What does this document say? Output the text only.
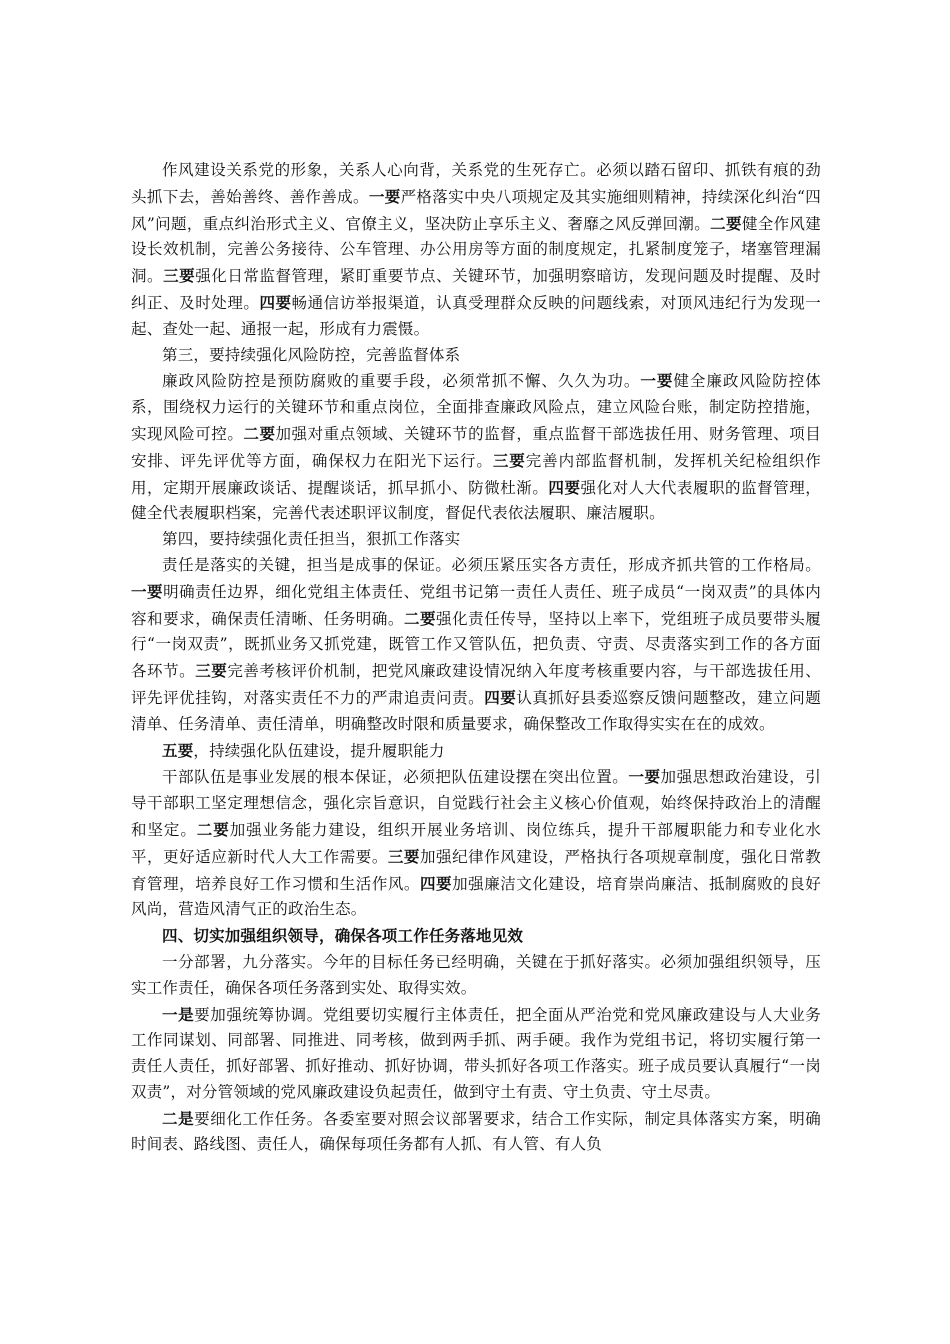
作风建设关系党的形象，关系人心向背，关系党的生死存亡。必须以踏石留印、抓铁有痕的劲头抓下去，善始善终、善作善成。一要严格落实中央八项规定及其实施细则精神，持续深化纠治“四风”问题，重点纠治形式主义、官僚主义，坚决防止享乐主义、奢靡之风反弹回潮。二要健全作风建设长效机制，完善公务接待、公车管理、办公用房等方面的制度规定，扎紧制度笼子，堵塞管理漏洞。三要强化日常监督管理，紧盯重要节点、关键环节，加强明察暗访，发现问题及时提醒、及时纠正、及时处理。四要畅通信访举报渠道，认真受理群众反映的问题线索，对顶风违纪行为发现一起、查处一起、通报一起，形成有力震慑。

第三，要持续强化风险防控，完善监督体系

廉政风险防控是预防腐败的重要手段，必须常抓不懈、久久为功。一要健全廉政风险防控体系，围绕权力运行的关键环节和重点岗位，全面排查廉政风险点，建立风险台账，制定防控措施，实现风险可控。二要加强对重点领域、关键环节的监督，重点监督干部选拔任用、财务管理、项目安排、评先评优等方面，确保权力在阳光下运行。三要完善内部监督机制，发挥机关纪检组织作用，定期开展廉政谈话、提醒谈话，抓早抓小、防微杜渐。四要强化对人大代表履职的监督管理，健全代表履职档案，完善代表述职评议制度，督促代表依法履职、廉洁履职。

第四，要持续强化责任担当，狠抓工作落实

责任是落实的关键，担当是成事的保证。必须压紧压实各方责任，形成齐抓共管的工作格局。一要明确责任边界，细化党组主体责任、党组书记第一责任人责任、班子成员“一岗双责”的具体内容和要求，确保责任清晰、任务明确。二要强化责任传导，坚持以上率下，党组班子成员要带头履行“一岗双责”，既抓业务又抓党建，既管工作又管队伍，把负责、守责、尽责落实到工作的各方面各环节。三要完善考核评价机制，把党风廉政建设情况纳入年度考核重要内容，与干部选拔任用、评先评优挂钩，对落实责任不力的严肃追责问责。四要认真抓好县委巡察反馈问题整改，建立问题清单、任务清单、责任清单，明确整改时限和质量要求，确保整改工作取得实实在在的成效。

五要，持续强化队伍建设，提升履职能力

干部队伍是事业发展的根本保证，必须把队伍建设摆在突出位置。一要加强思想政治建设，引导干部职工坚定理想信念，强化宗旨意识，自觉践行社会主义核心价值观，始终保持政治上的清醒和坚定。二要加强业务能力建设，组织开展业务培训、岗位练兵，提升干部履职能力和专业化水平，更好适应新时代人大工作需要。三要加强纪律作风建设，严格执行各项规章制度，强化日常教育管理，培养良好工作习惯和生活作风。四要加强廉洁文化建设，培育崇尚廉洁、抵制腐败的良好风尚，营造风清气正的政治生态。

四、切实加强组织领导，确保各项工作任务落地见效

一分部署，九分落实。今年的目标任务已经明确，关键在于抓好落实。必须加强组织领导，压实工作责任，确保各项任务落到实处、取得实效。

一是要加强统筹协调。党组要切实履行主体责任，把全面从严治党和党风廉政建设与人大业务工作同谋划、同部署、同推进、同考核，做到两手抓、两手硬。我作为党组书记，将切实履行第一责任人责任，抓好部署、抓好推动、抓好协调，带头抓好各项工作落实。班子成员要认真履行“一岗双责”，对分管领域的党风廉政建设负起责任，做到守土有责、守土负责、守土尽责。

二是要细化工作任务。各委室要对照会议部署要求，结合工作实际，制定具体落实方案，明确时间表、路线图、责任人，确保每项任务都有人抓、有人管、有人负
